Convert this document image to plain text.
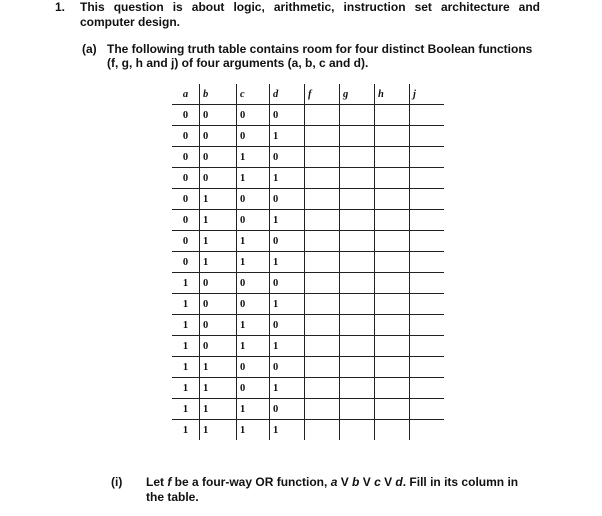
1. This question is about logic, arithmetic, instruction set architecture and computer design.
(a) The following truth table contains room for four distinct Boolean functions
(f, g, h and j) of four arguments (a, b, c and d).
a	b	c	d	f	g	h	j
0	0	0	0				
0	0	0	1				
0	0	1	0				
0	0	1	1				
0	1	0	0				
0	1	0	1				
0	1	1	0				
0	1	1	1				
1	0	0	0				
1	0	0	1				
1	0	1	0				
1	0	1	1				
1	1	0	0				
1	1	0	1				
1	1	1	0				
1	1	1	1				
(i) Let f be a four-way OR function, a V b V c V d. Fill in its column in the table.
